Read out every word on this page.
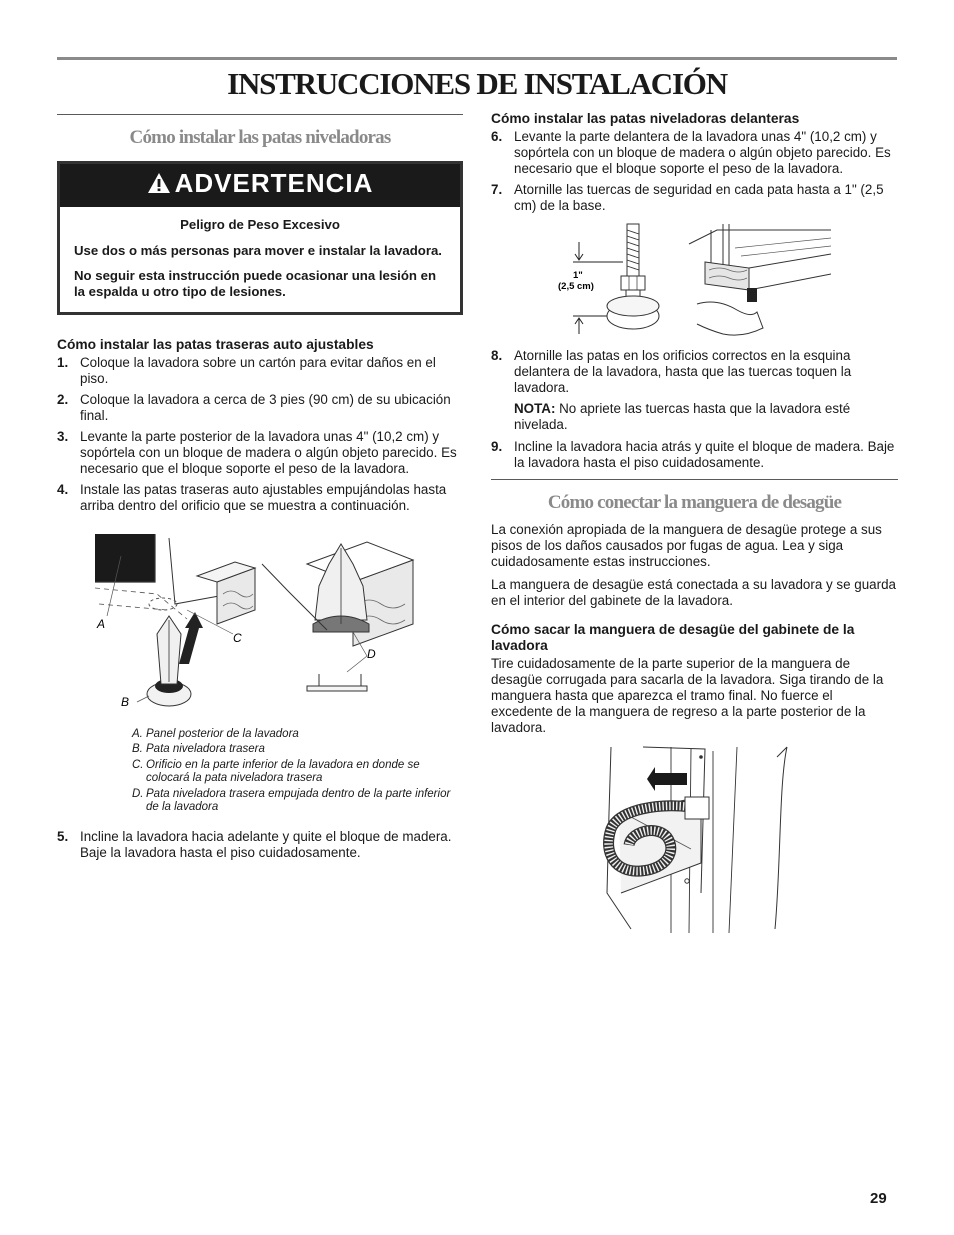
INSTRUCCIONES DE INSTALACIÓN
Cómo instalar las patas niveladoras
ADVERTENCIA

Peligro de Peso Excesivo

Use dos o más personas para mover e instalar la lavadora.

No seguir esta instrucción puede ocasionar una lesión en la espalda u otro tipo de lesiones.

Cómo instalar las patas traseras auto ajustables
1. Coloque la lavadora sobre un cartón para evitar daños en el piso.
2. Coloque la lavadora a cerca de 3 pies (90 cm) de su ubicación final.
3. Levante la parte posterior de la lavadora unas 4" (10,2 cm) y sopórtela con un bloque de madera o algún objeto parecido. Es necesario que el bloque soporte el peso de la lavadora.
4. Instale las patas traseras auto ajustables empujándolas hasta arriba dentro del orificio que se muestra a continuación.
A
C
D
B
A. Panel posterior de la lavadora
B. Pata niveladora trasera
C. Orificio en la parte inferior de la lavadora en donde se colocará la pata niveladora trasera
D. Pata niveladora trasera empujada dentro de la parte inferior de la lavadora
5. Incline la lavadora hacia adelante y quite el bloque de madera. Baje la lavadora hasta el piso cuidadosamente.
Cómo instalar las patas niveladoras delanteras
6. Levante la parte delantera de la lavadora unas 4" (10,2 cm) y sopórtela con un bloque de madera o algún objeto parecido. Es necesario que el bloque soporte el peso de la lavadora.
7. Atornille las tuercas de seguridad en cada pata hasta a 1" (2,5 cm) de la base.
1"
(2,5 cm)
8. Atornille las patas en los orificios correctos en la esquina delantera de la lavadora, hasta que las tuercas toquen la lavadora.
NOTA: No apriete las tuercas hasta que la lavadora esté nivelada.
9. Incline la lavadora hacia atrás y quite el bloque de madera. Baje la lavadora hasta el piso cuidadosamente.
Cómo conectar la manguera de desagüe

La conexión apropiada de la manguera de desagüe protege a sus pisos de los daños causados por fugas de agua. Lea y siga cuidadosamente estas instrucciones.

La manguera de desagüe está conectada a su lavadora y se guarda en el interior del gabinete de la lavadora.

Cómo sacar la manguera de desagüe del gabinete de la lavadora

Tire cuidadosamente de la parte superior de la manguera de desagüe corrugada para sacarla de la lavadora. Siga tirando de la manguera hasta que aparezca el tramo final. No fuerce el excedente de la manguera de regreso a la parte posterior de la lavadora.

29
